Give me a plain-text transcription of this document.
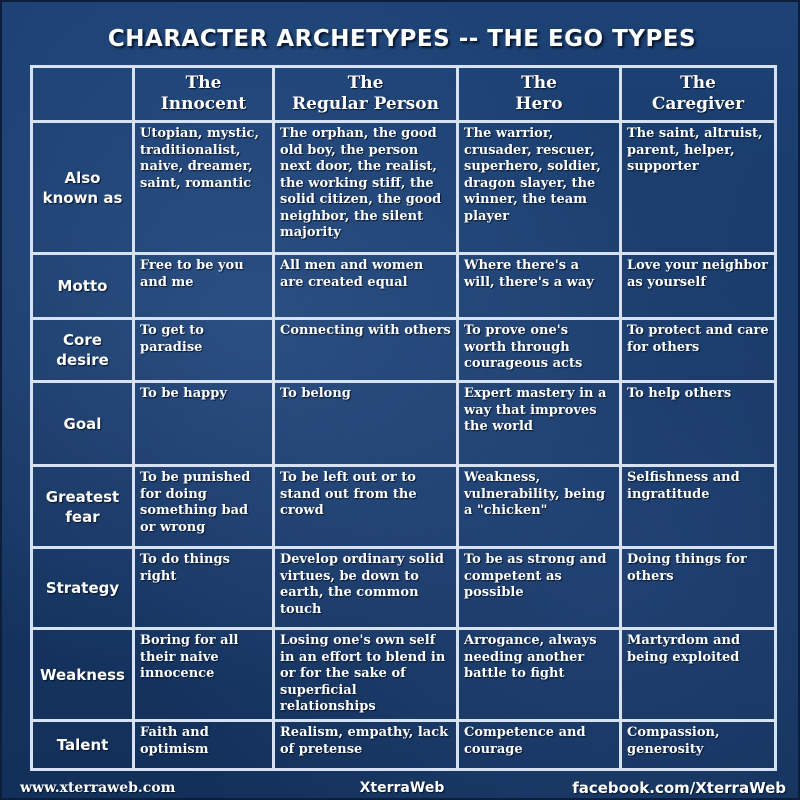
CHARACTER ARCHETYPES -- THE EGO TYPES

	The
Innocent	The
Regular Person	The
Hero	The
Caregiver

Also
known as	Utopian, mystic, traditionalist, naive, dreamer, saint, romantic	The orphan, the good old boy, the person next door, the realist, the working stiff, the solid citizen, the good neighbor, the silent majority	The warrior, crusader, rescuer, superhero, soldier, dragon slayer, the winner, the team player	The saint, altruist, parent, helper, supporter

Motto	Free to be you and me	All men and women are created equal	Where there's a will, there's a way	Love your neighbor as yourself

Core
desire	To get to paradise	Connecting with others	To prove one's worth through courageous acts	To protect and care for others

Goal	To be happy	To belong	Expert mastery in a way that improves the world	To help others

Greatest
fear	To be punished for doing something bad or wrong	To be left out or to stand out from the crowd	Weakness, vulnerability, being a "chicken"	Selfishness and ingratitude

Strategy	To do things right	Develop ordinary solid virtues, be down to earth, the common touch	To be as strong and competent as possible	Doing things for others

Weakness	Boring for all their naive innocence	Losing one's own self in an effort to blend in or for the sake of superficial relationships	Arrogance, always needing another battle to fight	Martyrdom and being exploited

Talent	Faith and optimism	Realism, empathy, lack of pretense	Competence and courage	Compassion, generosity
www.xterraweb.com	XterraWeb	facebook.com/XterraWeb
